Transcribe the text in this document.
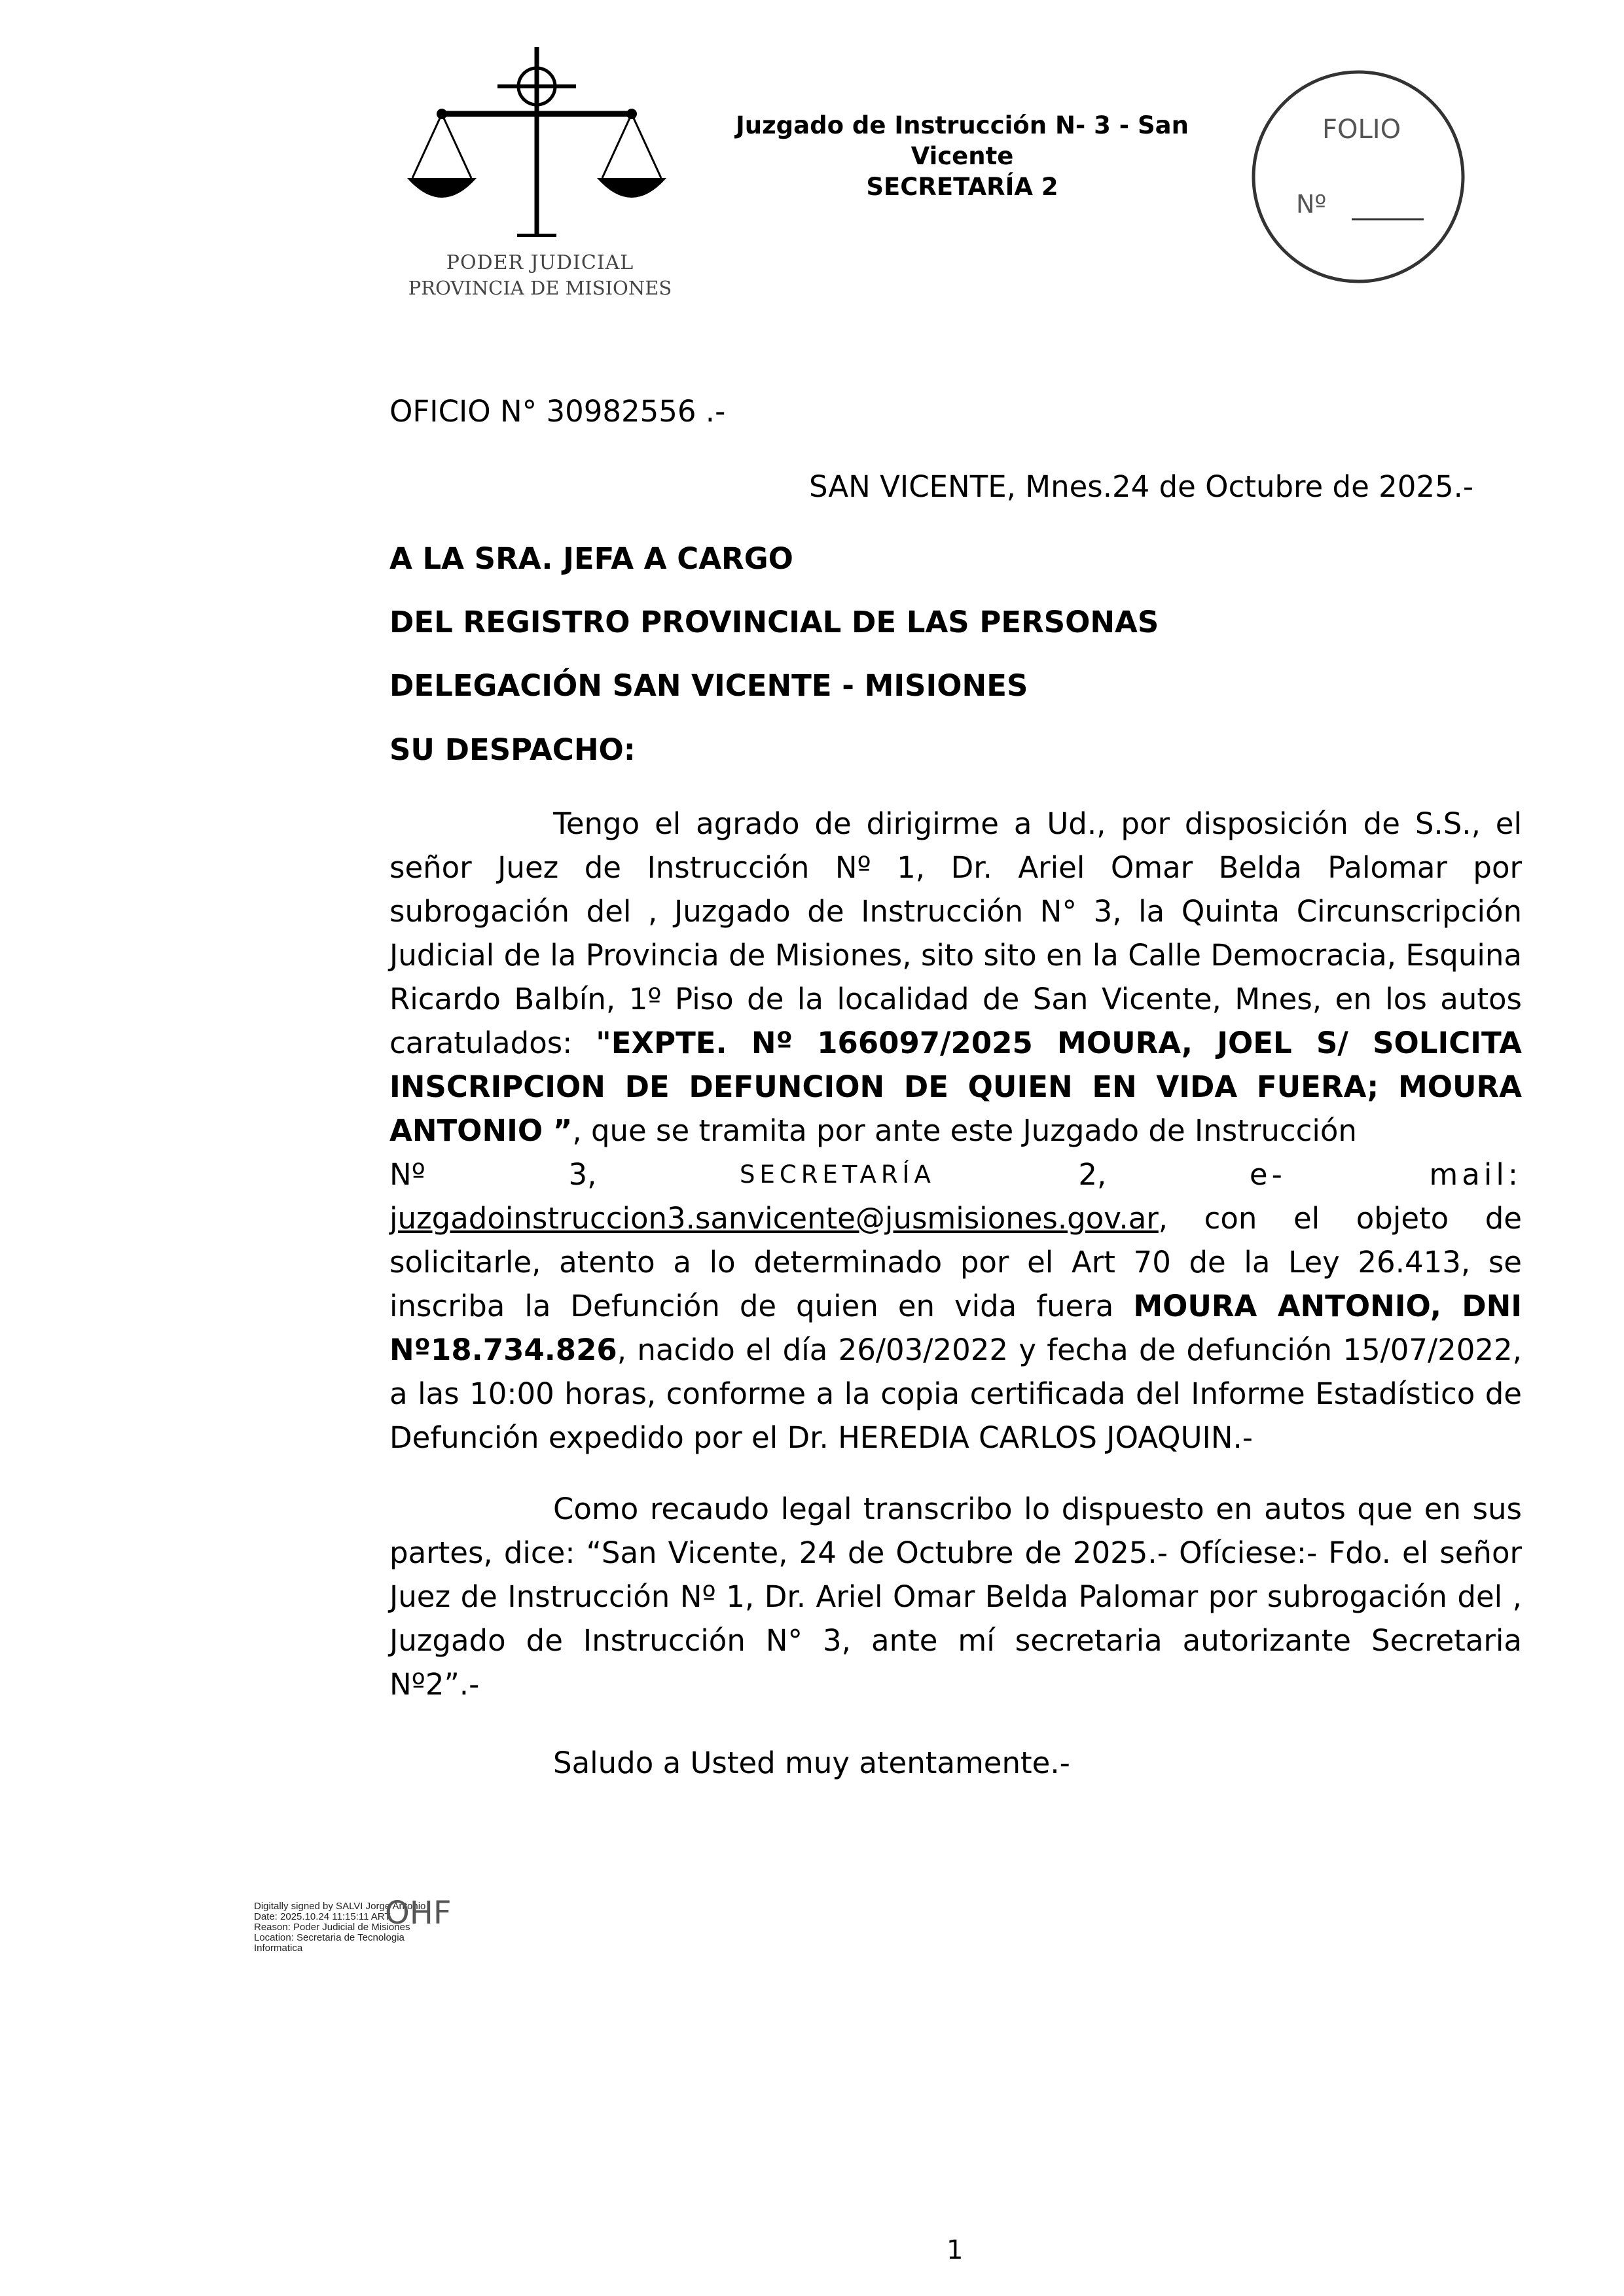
PODER JUDICIAL
PROVINCIA DE MISIONES
Juzgado de Instrucción N- 3 - San
Vicente
SECRETARÍA 2
FOLIO
Nº
OFICIO N° 30982556 .-
SAN VICENTE, Mnes.24 de Octubre de 2025.-
A LA SRA. JEFA A CARGO
DEL REGISTRO PROVINCIAL DE LAS PERSONAS
DELEGACIÓN SAN VICENTE - MISIONES
SU DESPACHO:
Tengo el agrado de dirigirme a Ud., por disposición de S.S., el señor Juez de Instrucción Nº 1, Dr. Ariel Omar Belda Palomar por subrogación del , Juzgado de Instrucción N° 3, la Quinta Circunscripción Judicial de la Provincia de Misiones, sito sito en la Calle Democracia, Esquina Ricardo Balbín, 1º Piso de la localidad de San Vicente, Mnes, en los autos caratulados: "EXPTE. Nº 166097/2025 MOURA, JOEL S/ SOLICITA INSCRIPCION DE DEFUNCION DE QUIEN EN VIDA FUERA; MOURA ANTONIO ”, que se tramita por ante este Juzgado de Instrucción
Nº	3,	SECRETARÍA	2,	e-	mail:
juzgadoinstruccion3.sanvicente@jusmisiones.gov.ar, con el objeto de solicitarle, atento a lo determinado por el Art 70 de la Ley 26.413, se inscriba la Defunción de quien en vida fuera MOURA ANTONIO, DNI Nº18.734.826, nacido el día 26/03/2022 y fecha de defunción 15/07/2022, a las 10:00 horas, conforme a la copia certificada del Informe Estadístico de Defunción expedido por el Dr. HEREDIA CARLOS JOAQUIN.-
Como recaudo legal transcribo lo dispuesto en autos que en sus partes, dice: “San Vicente, 24 de Octubre de 2025.- Ofíciese:- Fdo. el señor Juez de Instrucción Nº 1, Dr. Ariel Omar Belda Palomar por subrogación del , Juzgado de Instrucción N° 3, ante mí secretaria autorizante Secretaria Nº2”.-
Saludo a Usted muy atentamente.-
Digitally signed by SALVI Jorge Antonio
Date: 2025.10.24 11:15:11 ART
Reason: Poder Judicial de Misiones
Location: Secretaria de Tecnologia
Informatica
OHF
1
